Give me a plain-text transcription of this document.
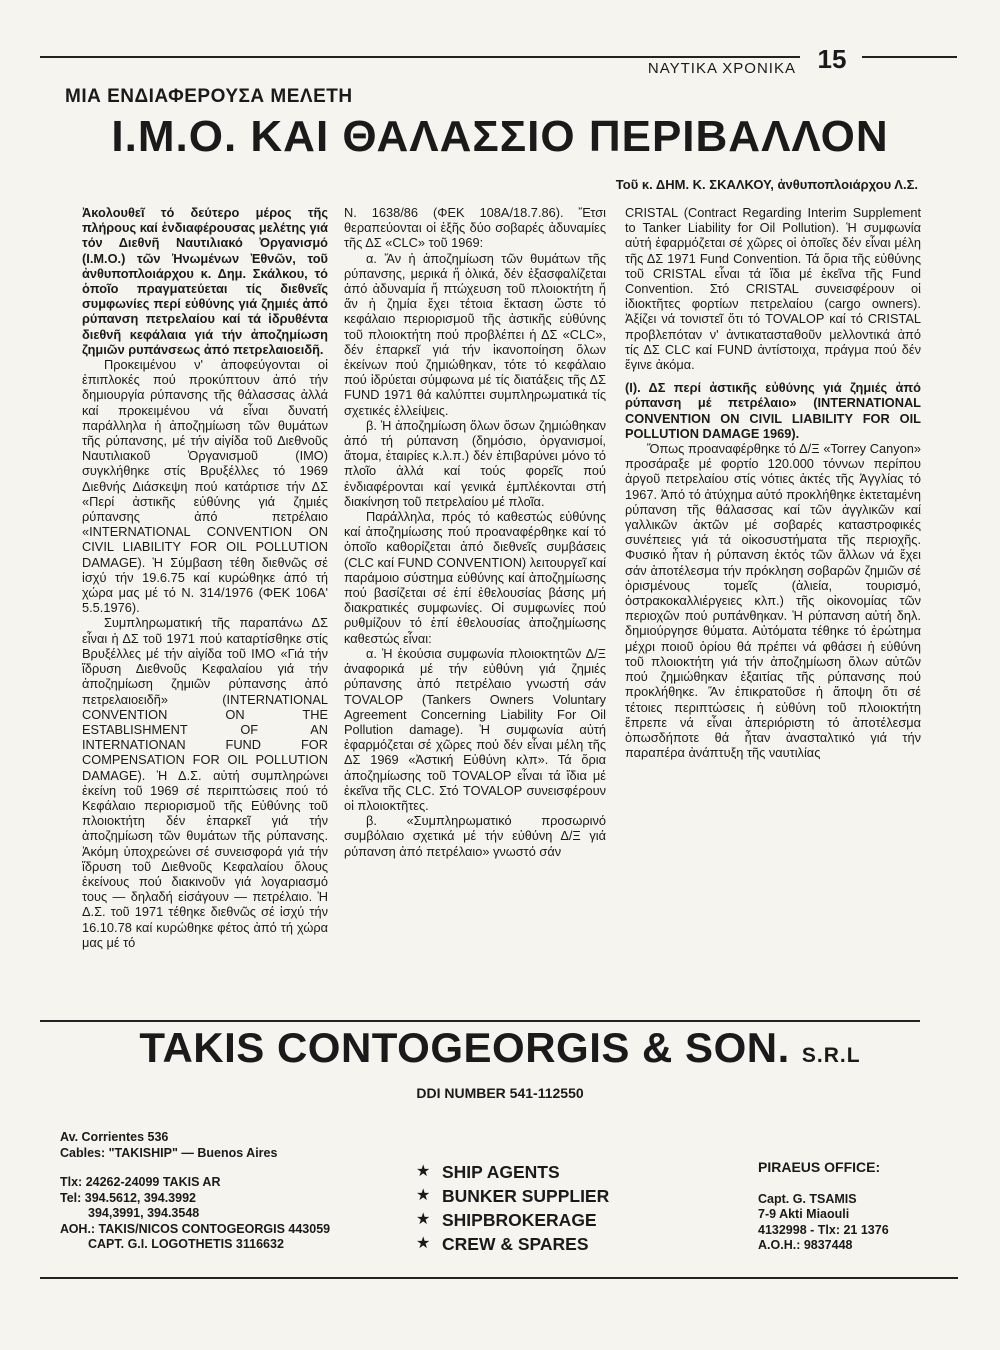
ΝΑΥΤΙΚΑ ΧΡΟΝΙΚΑ 15
ΜΙΑ ΕΝΔΙΑΦΕΡΟΥΣΑ ΜΕΛΕΤΗ
Ι.Μ.Ο. ΚΑΙ ΘΑΛΑΣΣΙΟ ΠΕΡΙΒΑΛΛΟΝ
Τοῦ κ. ΔΗΜ. Κ. ΣΚΑΛΚΟΥ, ἀνθυποπλοιάρχου Λ.Σ.

Ἀκολουθεῖ τό δεύτερο μέρος τῆς πλήρους καί ἐνδιαφέρουσας μελέτης γιά τόν Διεθνῆ Ναυτιλιακό Ὀργανισμό (I.M.O.) τῶν Ἡνωμένων Ἐθνῶν, τοῦ ἀνθυποπλοιάρχου κ. Δημ. Σκάλκου, τό ὁποῖο πραγματεύεται τίς διεθνεῖς συμφωνίες περί εὐθύνης γιά ζημιές ἀπό ρύπανση πετρελαίου καί τά ἱδρυθέντα διεθνῆ κεφάλαια γιά τήν ἀποζημίωση ζημιῶν ρυπάνσεως ἀπό πετρελαιοειδῆ.

Προκειμένου ν' ἀποφεύγονται οἱ ἐπιπλοκές πού προκύπτουν ἀπό τήν δημιουργία ρύπανσης τῆς θάλασσας ἀλλά καί προκειμένου νά εἶναι δυνατή παράλληλα ἡ ἀποζημίωση τῶν θυμάτων τῆς ρύπανσης, μέ τήν αἰγίδα τοῦ Διεθνοῦς Ναυτιλιακοῦ Ὀργανισμοῦ (IMO) συγκλήθηκε στίς Βρυξέλλες τό 1969 Διεθνής Διάσκεψη πού κατάρτισε τήν ΔΣ «Περί ἀστικῆς εὐθύνης γιά ζημιές ρύπανσης ἀπό πετρέλαιο «INTERNATIONAL CONVENTION ON CIVIL LIABILITY FOR OIL POLLUTION DAMAGE). Ἡ Σύμβαση τέθη διεθνῶς σέ ἰσχύ τήν 19.6.75 καί κυρώθηκε ἀπό τή χώρα μας μέ τό Ν. 314/1976 (ΦΕΚ 106Α' 5.5.1976).

Συμπληρωματική τῆς παραπάνω ΔΣ εἶναι ἡ ΔΣ τοῦ 1971 πού καταρτίσθηκε στίς Βρυξέλλες μέ τήν αἰγίδα τοῦ IMO «Γιά τήν ἵδρυση Διεθνοῦς Κεφαλαίου γιά τήν ἀποζημίωση ζημιῶν ρύπανσης ἀπό πετρελαιοειδῆ» (INTERNATIONAL CONVENTION ON THE ESTABLISHMENT OF AN INTERNATIONAN FUND FOR COMPENSATION FOR OIL POLLUTION DAMAGE). Ἡ Δ.Σ. αὐτή συμπληρώνει ἐκείνη τοῦ 1969 σέ περιπτώσεις πού τό Κεφάλαιο περιορισμοῦ τῆς Εὐθύνης τοῦ πλοιοκτήτη δέν ἐπαρκεῖ γιά τήν ἀποζημίωση τῶν θυμάτων τῆς ρύπανσης. Ἀκόμη ὑποχρεώνει σέ συνεισφορά γιά τήν ἵδρυση τοῦ Διεθνοῦς Κεφαλαίου ὅλους ἐκείνους πού διακινοῦν γιά λογαριασμό τους — δηλαδή εἰσάγουν — πετρέλαιο. Ἡ Δ.Σ. τοῦ 1971 τέθηκε διεθνῶς σέ ἰσχύ τήν 16.10.78 καί κυρώθηκε φέτος ἀπό τή χώρα μας μέ τό

Ν. 1638/86 (ΦΕΚ 108Α/18.7.86). Ἔτσι θεραπεύονται οἱ ἑξῆς δύο σοβαρές ἀδυναμίες τῆς ΔΣ «CLC» τοῦ 1969:

α. Ἄν ἡ ἀποζημίωση τῶν θυμάτων τῆς ρύπανσης, μερικά ἤ ὁλικά, δέν ἐξασφαλίζεται ἀπό ἀδυναμία ἤ πτώχευση τοῦ πλοιοκτήτη ἤ ἄν ἡ ζημία ἔχει τέτοια ἔκταση ὥστε τό κεφάλαιο περιορισμοῦ τῆς ἀστικῆς εὐθύνης τοῦ πλοιοκτήτη πού προβλέπει ἡ ΔΣ «CLC», δέν ἐπαρκεῖ γιά τήν ἱκανοποίηση ὅλων ἐκείνων πού ζημιώθηκαν, τότε τό κεφάλαιο πού ἱδρύεται σύμφωνα μέ τίς διατάξεις τῆς ΔΣ FUND 1971 θά καλύπτει συμπληρωματικά τίς σχετικές ἐλλείψεις.

β. Ἡ ἀποζημίωση ὅλων ὅσων ζημιώθηκαν ἀπό τή ρύπανση (δημόσιο, ὀργανισμοί, ἄτομα, ἑταιρίες κ.λ.π.) δέν ἐπιβαρύνει μόνο τό πλοῖο ἀλλά καί τούς φορεῖς πού ἐνδιαφέρονται καί γενικά ἐμπλέκονται στή διακίνηση τοῦ πετρελαίου μέ πλοῖα.

Παράλληλα, πρός τό καθεστώς εὐθύνης καί ἀποζημίωσης πού προαναφέρθηκε καί τό ὁποῖο καθορίζεται ἀπό διεθνεῖς συμβάσεις (CLC καί FUND CONVENTION) λειτουργεῖ καί παράμοιο σύστημα εὐθύνης καί ἀποζημίωσης πού βασίζεται σέ ἐπί ἐθελουσίας βάσης μή διακρατικές συμφωνίες. Οἱ συμφωνίες πού ρυθμίζουν τό ἐπί ἐθελουσίας ἀποζημίωσης καθεστώς εἶναι:

α. Ἡ ἑκούσια συμφωνία πλοιοκτητῶν Δ/Ξ ἀναφορικά μέ τήν εὐθύνη γιά ζημιές ρύπανσης ἀπό πετρέλαιο γνωστή σάν TOVALOP (Tankers Owners Voluntary Agreement Concerning Liability For Oil Pollution damage). Ἡ συμφωνία αὐτή ἐφαρμόζεται σέ χῶρες πού δέν εἶναι μέλη τῆς ΔΣ 1969 «Ἀστική Εὐθύνη κλπ». Τά ὅρια ἀποζημίωσης τοῦ TOVALOP εἶναι τά ἴδια μέ ἐκεῖνα τῆς CLC. Στό TOVALOP συνεισφέρουν οἱ πλοιοκτῆτες.

β. «Συμπληρωματικό προσωρινό συμβόλαιο σχετικά μέ τήν εὐθύνη Δ/Ξ γιά ρύπανση ἀπό πετρέλαιο» γνωστό σάν

CRISTAL (Contract Regarding Interim Supplement to Tanker Liability for Oil Pollution). Ἡ συμφωνία αὐτή ἐφαρμόζεται σέ χῶρες οἱ ὁποῖες δέν εἶναι μέλη τῆς ΔΣ 1971 Fund Convention. Τά ὅρια τῆς εὐθύνης τοῦ CRISTAL εἶναι τά ἴδια μέ ἐκεῖνα τῆς Fund Convention. Στό CRISTAL συνεισφέρουν οἱ ἰδιοκτῆτες φορτίων πετρελαίου (cargo owners). Ἀξίζει νά τονιστεῖ ὅτι τό TOVALOP καί τό CRISTAL προβλεπόταν ν' ἀντικατασταθοῦν μελλοντικά ἀπό τίς ΔΣ CLC καί FUND ἀντίστοιχα, πράγμα πού δέν ἔγινε ἀκόμα.

(Ι). ΔΣ περί ἀστικῆς εὐθύνης γιά ζημιές ἀπό ρύπανση μέ πετρέλαιο» (INTERNATIONAL CONVENTION ON CIVIL LIABILITY FOR OIL POLLUTION DAMAGE 1969).

Ὅπως προαναφέρθηκε τό Δ/Ξ «Torrey Canyon» προσάραξε μέ φορτίο 120.000 τόννων περίπου ἀργοῦ πετρελαίου στίς νότιες ἀκτές τῆς Ἀγγλίας τό 1967. Ἀπό τό ἀτύχημα αὐτό προκλήθηκε ἐκτεταμένη ρύπανση τῆς θάλασσας καί τῶν ἀγγλικῶν καί γαλλικῶν ἀκτῶν μέ σοβαρές καταστροφικές συνέπειες γιά τά οἰκοσυστήματα τῆς περιοχῆς. Φυσικό ἦταν ἡ ρύπανση ἐκτός τῶν ἄλλων νά ἔχει σάν ἀποτέλεσμα τήν πρόκληση σοβαρῶν ζημιῶν σέ ὁρισμένους τομεῖς (ἁλιεία, τουρισμό, ὀστρακοκαλλιέργειες κλπ.) τῆς οἰκονομίας τῶν περιοχῶν πού ρυπάνθηκαν. Ἡ ρύπανση αὐτή δηλ. δημιούργησε θύματα. Αὐτόματα τέθηκε τό ἐρώτημα μέχρι ποιοῦ ὁρίου θά πρέπει νά φθάσει ἡ εὐθύνη τοῦ πλοιοκτήτη γιά τήν ἀποζημίωση ὅλων αὐτῶν πού ζημιώθηκαν ἐξαιτίας τῆς ρύπανσης πού προκλήθηκε. Ἄν ἐπικρατοῦσε ἡ ἄποψη ὅτι σέ τέτοιες περιπτώσεις ἡ εὐθύνη τοῦ πλοιοκτήτη ἔπρεπε νά εἶναι ἀπεριόριστη τό ἀποτέλεσμα ὁπωσδήποτε θά ἦταν ἀνασταλτικό γιά τήν παραπέρα ἀνάπτυξη τῆς ναυτιλίας

TAKIS CONTOGEORGIS & SON. S.R.L
DDI NUMBER 541-112550
Av. Corrientes 536
Cables: "TAKISHIP" — Buenos Aires
Tlx: 24262-24099 TAKIS AR
Tel: 394.5612, 394.3992
394,3991, 394.3548
ΑΟΗ.: TAKIS/NICOS CONTOGEORGIS 443059
CAPT. G.I. LOGOTHETIS 3116632
★ SHIP AGENTS
★ BUNKER SUPPLIER
★ SHIPBROKERAGE
★ CREW & SPARES
PIRAEUS OFFICE:
Capt. G. TSAMIS
7-9 Akti Miaouli
4132998 - Tlx: 21 1376
A.O.H.: 9837448
